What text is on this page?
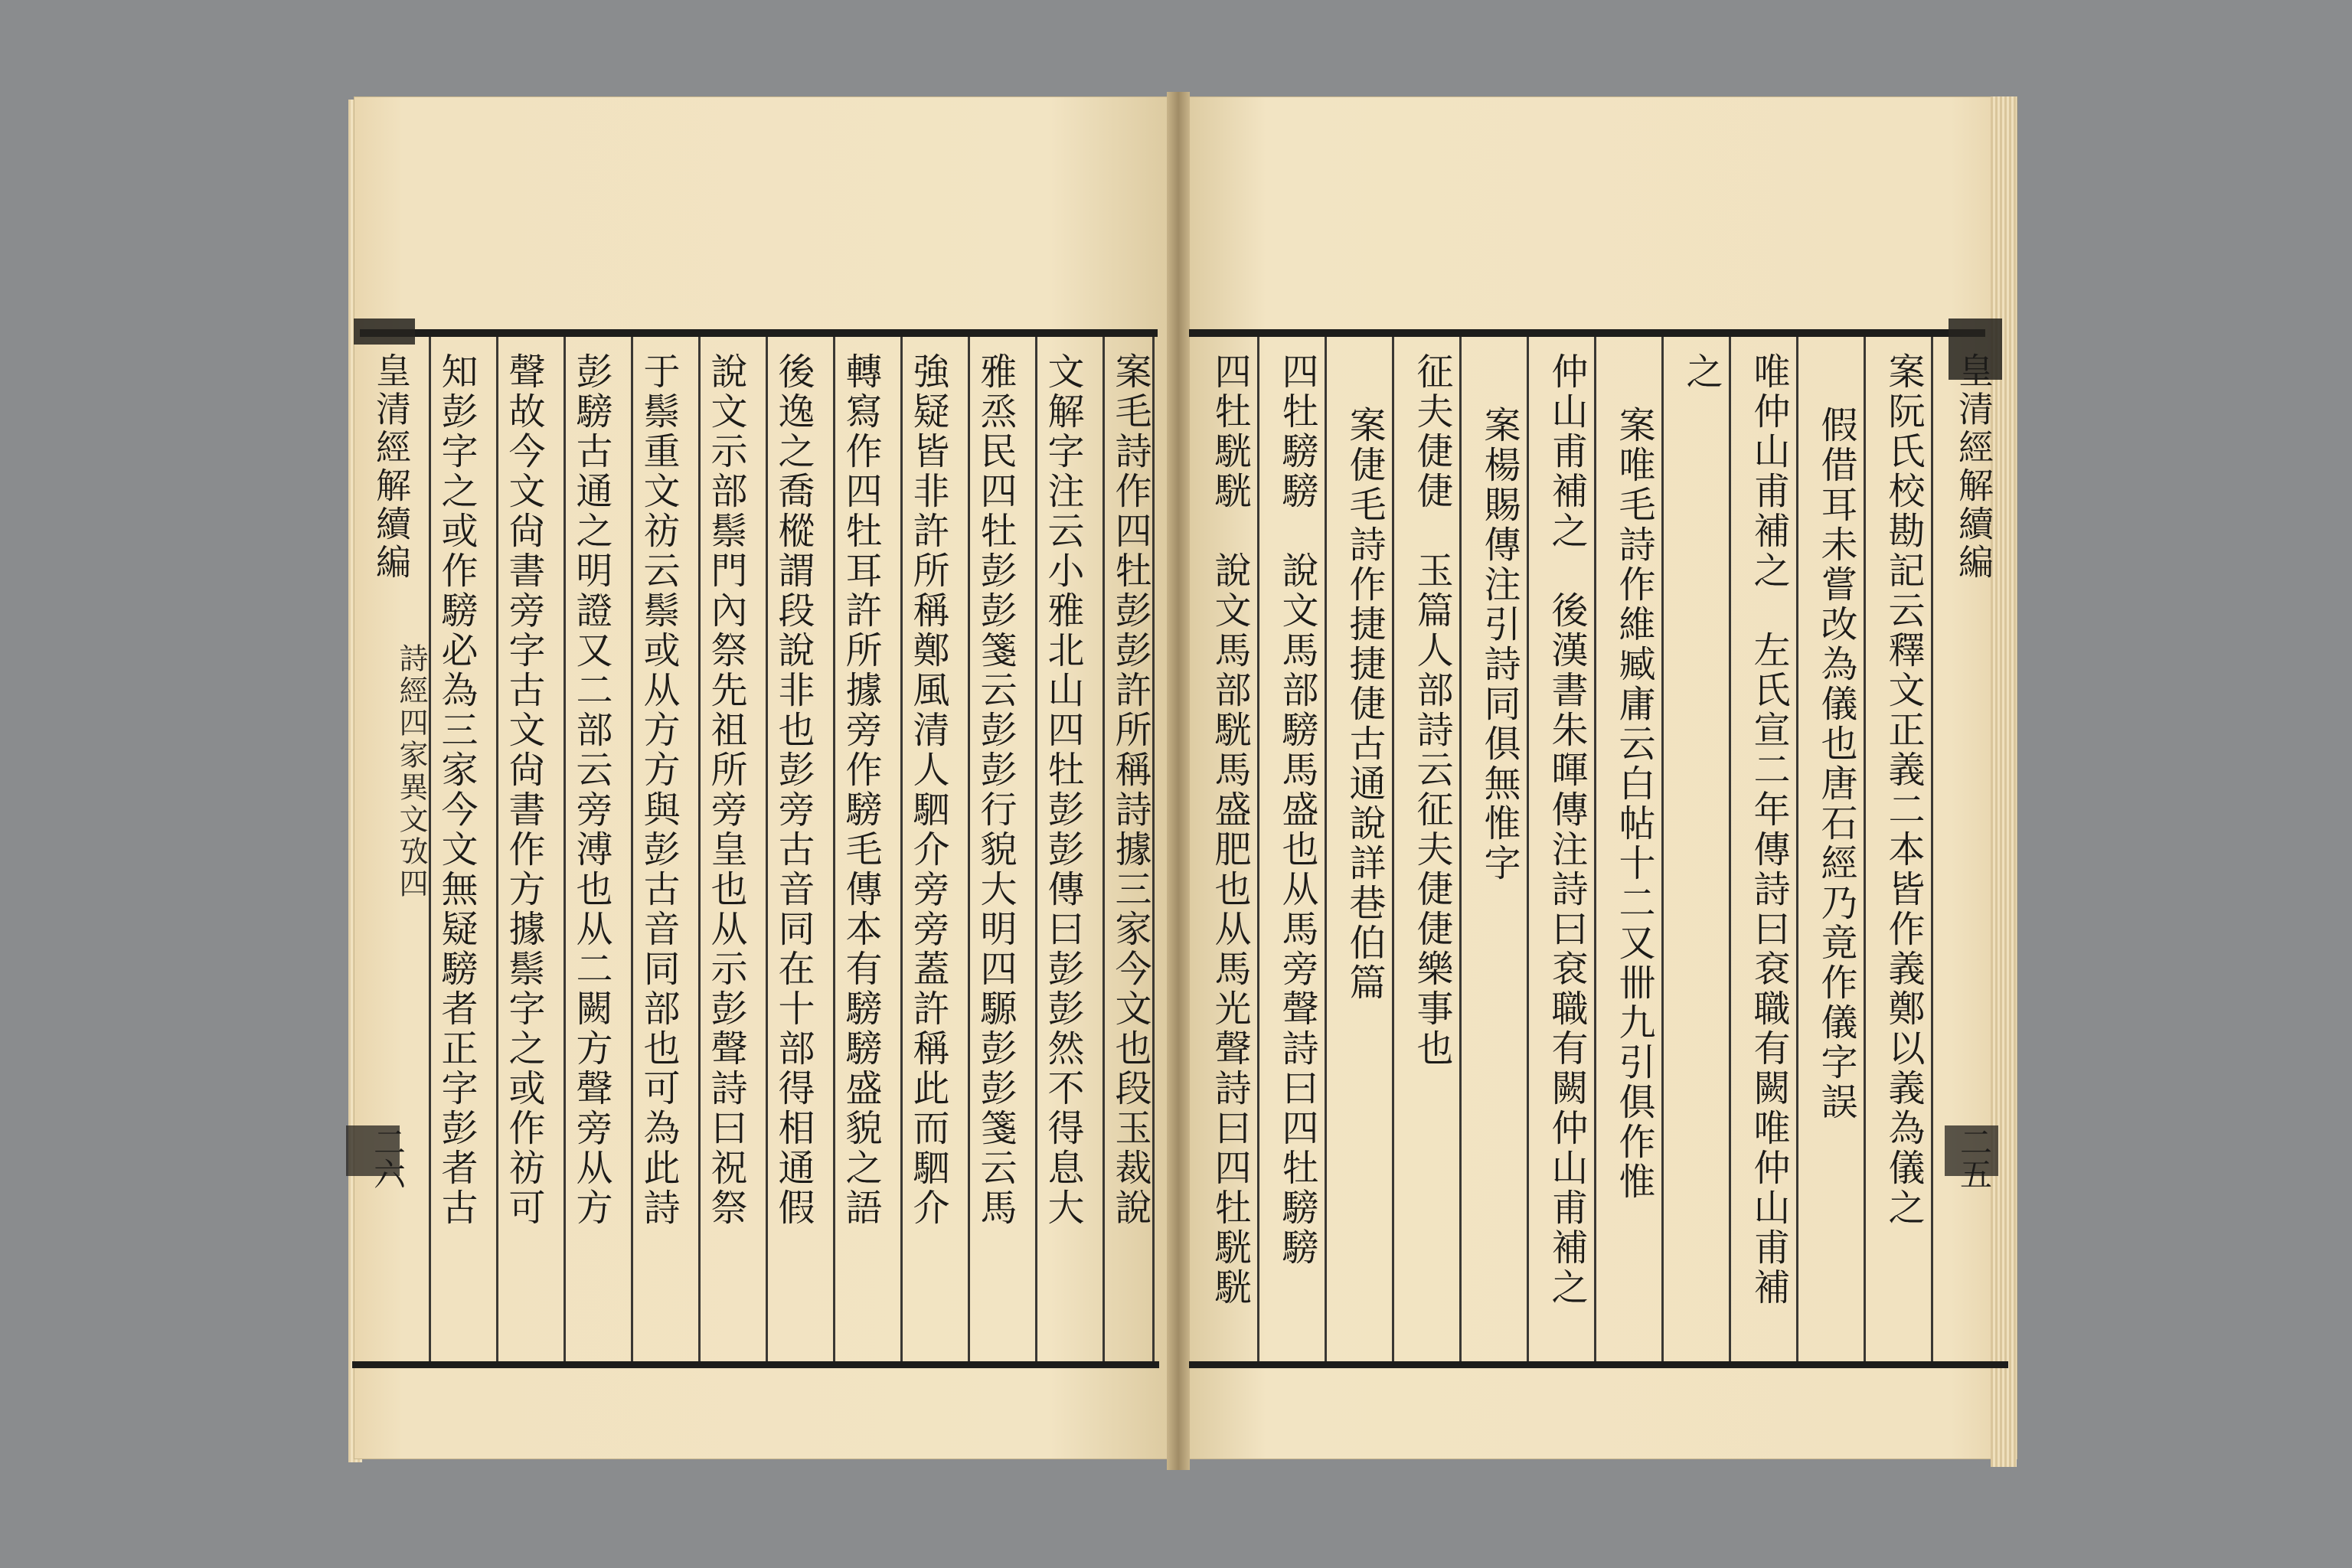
皇清經解續編
詩經四家異文攷四
二六	案毛詩作四牡彭彭許所稱詩據三家今文也段玉裁說
文解字注云小雅北山四牡彭彭傳曰彭彭然不得息大
雅烝民四牡彭彭箋云彭彭行貌大明四騵彭彭箋云馬
強疑皆非許所稱鄭風清人駟介旁旁蓋許稱此而駟介
轉寫作四牡耳許所據旁作騯毛傳本有騯騯盛貌之語
後逸之喬樅謂段說非也彭旁古音同在十部得相通假
說文示部鬃門內祭先祖所旁皇也从示彭聲詩曰祝祭
于鬃重文祊云鬃或从方方與彭古音同部也可為此詩
彭騯古通之明證又二部云旁溥也从二闕方聲旁从方
聲故今文尙書旁字古文尙書作方據鬃字之或作祊可
知彭字之或作騯必為三家今文無疑騯者正字彭者古	皇清經解續編
二五
案阮氏校勘記云釋文正義二本皆作義鄭以義為儀之
假借耳未嘗改為儀也唐石經乃竟作儀字誤
唯仲山甫補之　左氏宣二年傳詩曰袞職有闕唯仲山甫補
之
案唯毛詩作維臧庸云白帖十二又卌九引俱作惟
仲山甫補之　後漢書朱暉傳注詩曰袞職有闕仲山甫補之
案楊賜傳注引詩同俱無惟字
征夫倢倢　玉篇人部詩云征夫倢倢樂事也
案倢毛詩作捷捷倢古通說詳巷伯篇
四牡騯騯　說文馬部騯馬盛也从馬旁聲詩曰四牡騯騯
四牡駫駫　說文馬部駫馬盛肥也从馬光聲詩曰四牡駫駫
